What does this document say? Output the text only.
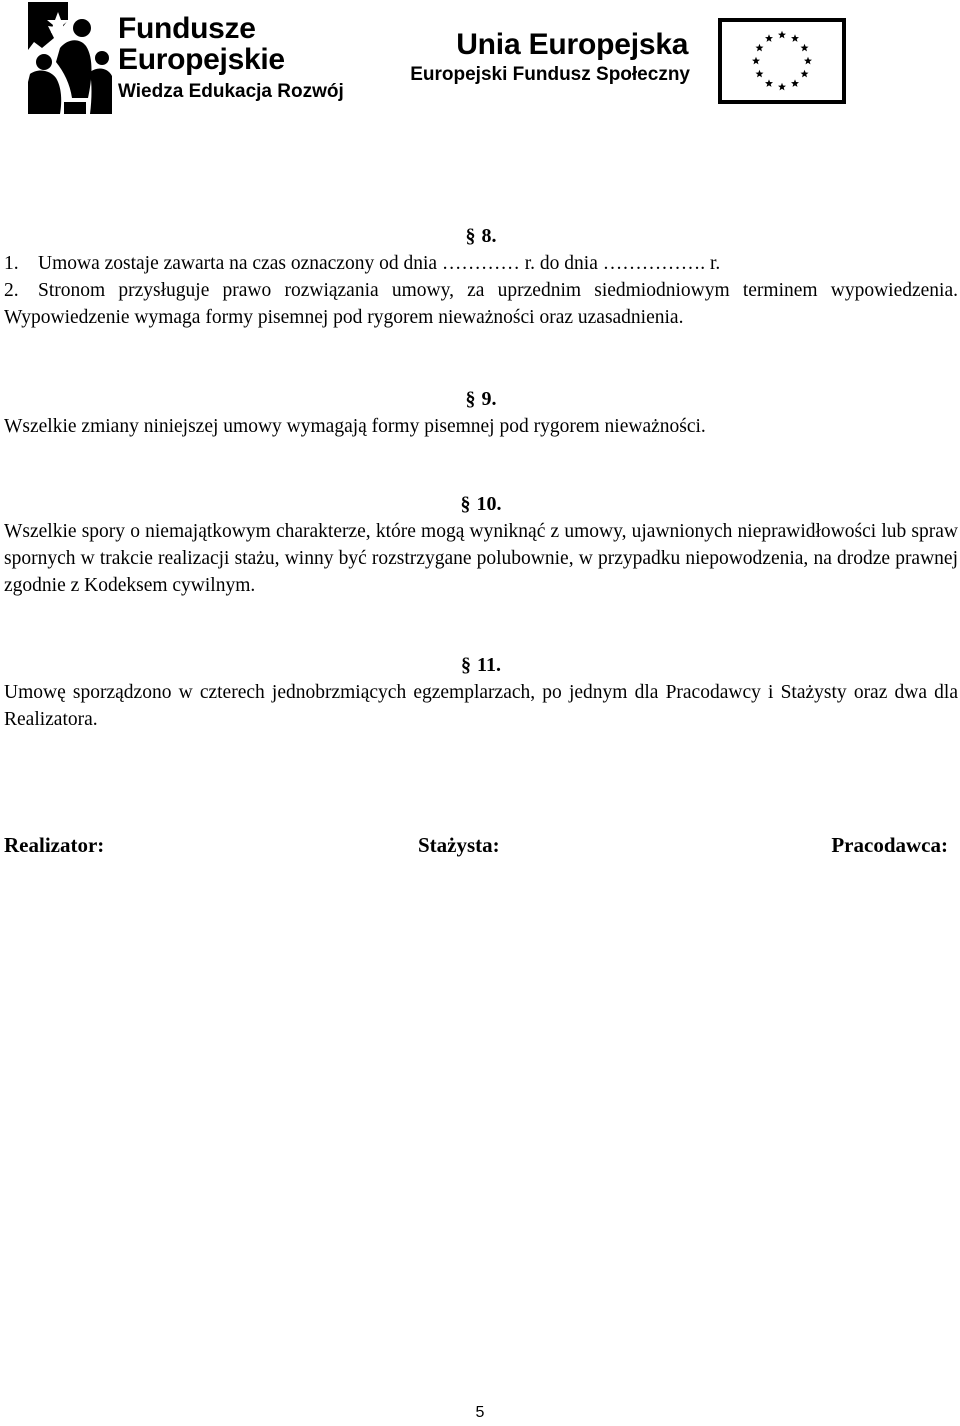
Fundusze
Europejskie
Wiedza Edukacja Rozwój
Unia Europejska
Europejski Fundusz Społeczny
§ 8.
1. Umowa zostaje zawarta na czas oznaczony od dnia ………… r. do dnia ……………. r.
2. Stronom przysługuje prawo rozwiązania umowy, za uprzednim siedmiodniowym terminem wypowiedzenia. Wypowiedzenie wymaga formy pisemnej pod rygorem nieważności oraz uzasadnienia.
§ 9.
Wszelkie zmiany niniejszej umowy wymagają formy pisemnej pod rygorem nieważności.
§ 10.
Wszelkie spory o niemajątkowym charakterze, które mogą wyniknąć z umowy, ujawnionych nieprawidłowości lub spraw spornych w trakcie realizacji stażu, winny być rozstrzygane polubownie, w przypadku niepowodzenia, na drodze prawnej zgodnie z Kodeksem cywilnym.
§ 11.
Umowę sporządzono w czterech jednobrzmiących egzemplarzach, po jednym dla Pracodawcy i Stażysty oraz dwa dla Realizatora.
Realizator:	Stażysta:	Pracodawca:
5
